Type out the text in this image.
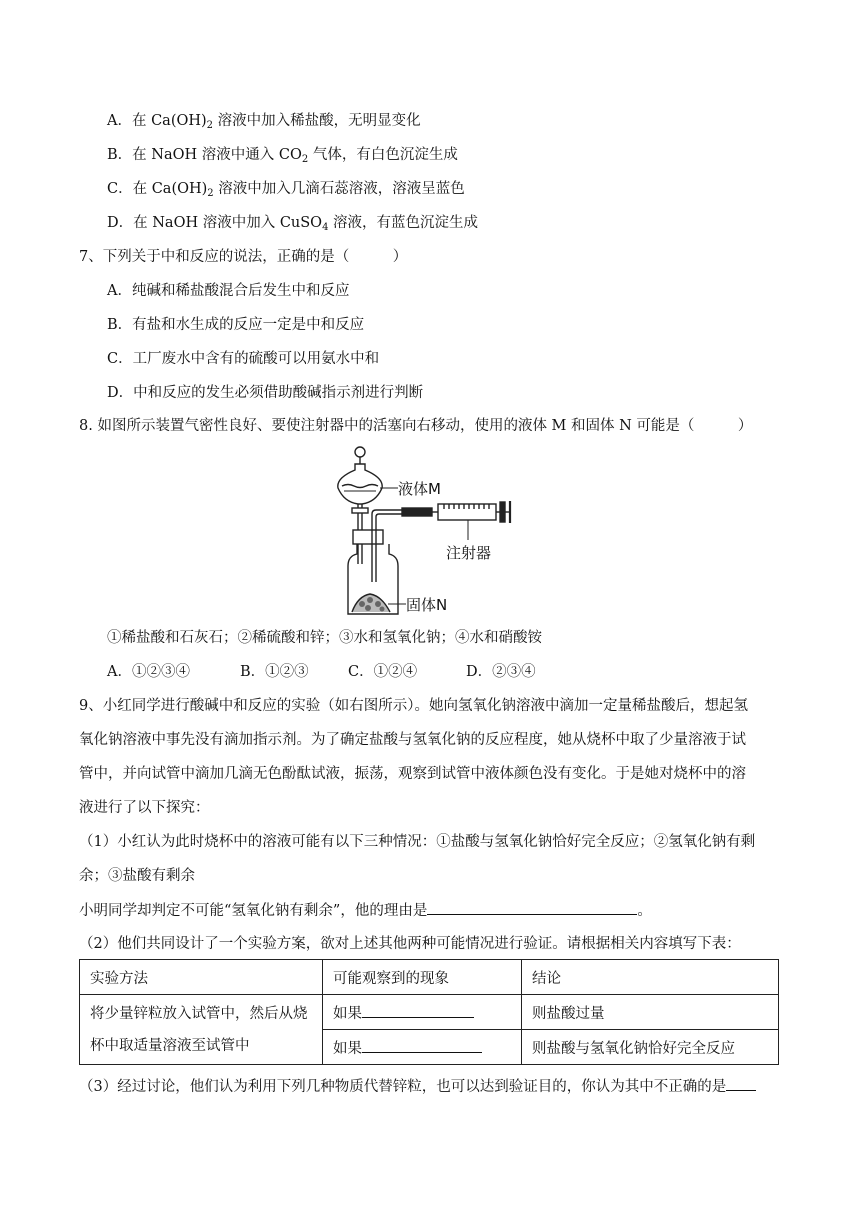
A．在 $Ca(OH)_2$ 溶液中加入稀盐酸，无明显变化
B．在 NaOH 溶液中通入 $CO_2$ 气体，有白色沉淀生成
C．在 $Ca(OH)_2$ 溶液中加入几滴石蕊溶液，溶液呈蓝色
D．在 NaOH 溶液中加入 CuSO$_4$ 溶液，有蓝色沉淀生成
7、下列关于中和反应的说法，正确的是（　　　）
A．纯碱和稀盐酸混合后发生中和反应
B．有盐和水生成的反应一定是中和反应
C．工厂废水中含有的硫酸可以用氨水中和
D．中和反应的发生必须借助酸碱指示剂进行判断
8. 如图所示装置气密性良好、要使注射器中的活塞向右移动，使用的液体 M 和固体 N 可能是（　　　）
液体M
注射器
固体N
①稀盐酸和石灰石；②稀硫酸和锌；③水和氢氧化钠；④水和硝酸铵
A．①②③④	B．①②③	C．①②④	D．②③④
9、小红同学进行酸碱中和反应的实验（如右图所示）。她向氢氧化钠溶液中滴加一定量稀盐酸后，想起氢
氧化钠溶液中事先没有滴加指示剂。为了确定盐酸与氢氧化钠的反应程度，她从烧杯中取了少量溶液于试
管中，并向试管中滴加几滴无色酚酞试液，振荡，观察到试管中液体颜色没有变化。于是她对烧杯中的溶
液进行了以下探究：
（1）小红认为此时烧杯中的溶液可能有以下三种情况：①盐酸与氢氧化钠恰好完全反应；②氢氧化钠有剩
余；③盐酸有剩余
小明同学却判定不可能“氢氧化钠有剩余”，他的理由是	。
（2）他们共同设计了一个实验方案，欲对上述其他两种可能情况进行验证。请根据相关内容填写下表：
实验方法	可能观察到的现象	结论
将少量锌粒放入试管中，然后从烧
杯中取适量溶液至试管中	如果	则盐酸过量
	如果	则盐酸与氢氧化钠恰好完全反应
（3）经过讨论，他们认为利用下列几种物质代替锌粒，也可以达到验证目的，你认为其中不正确的是
